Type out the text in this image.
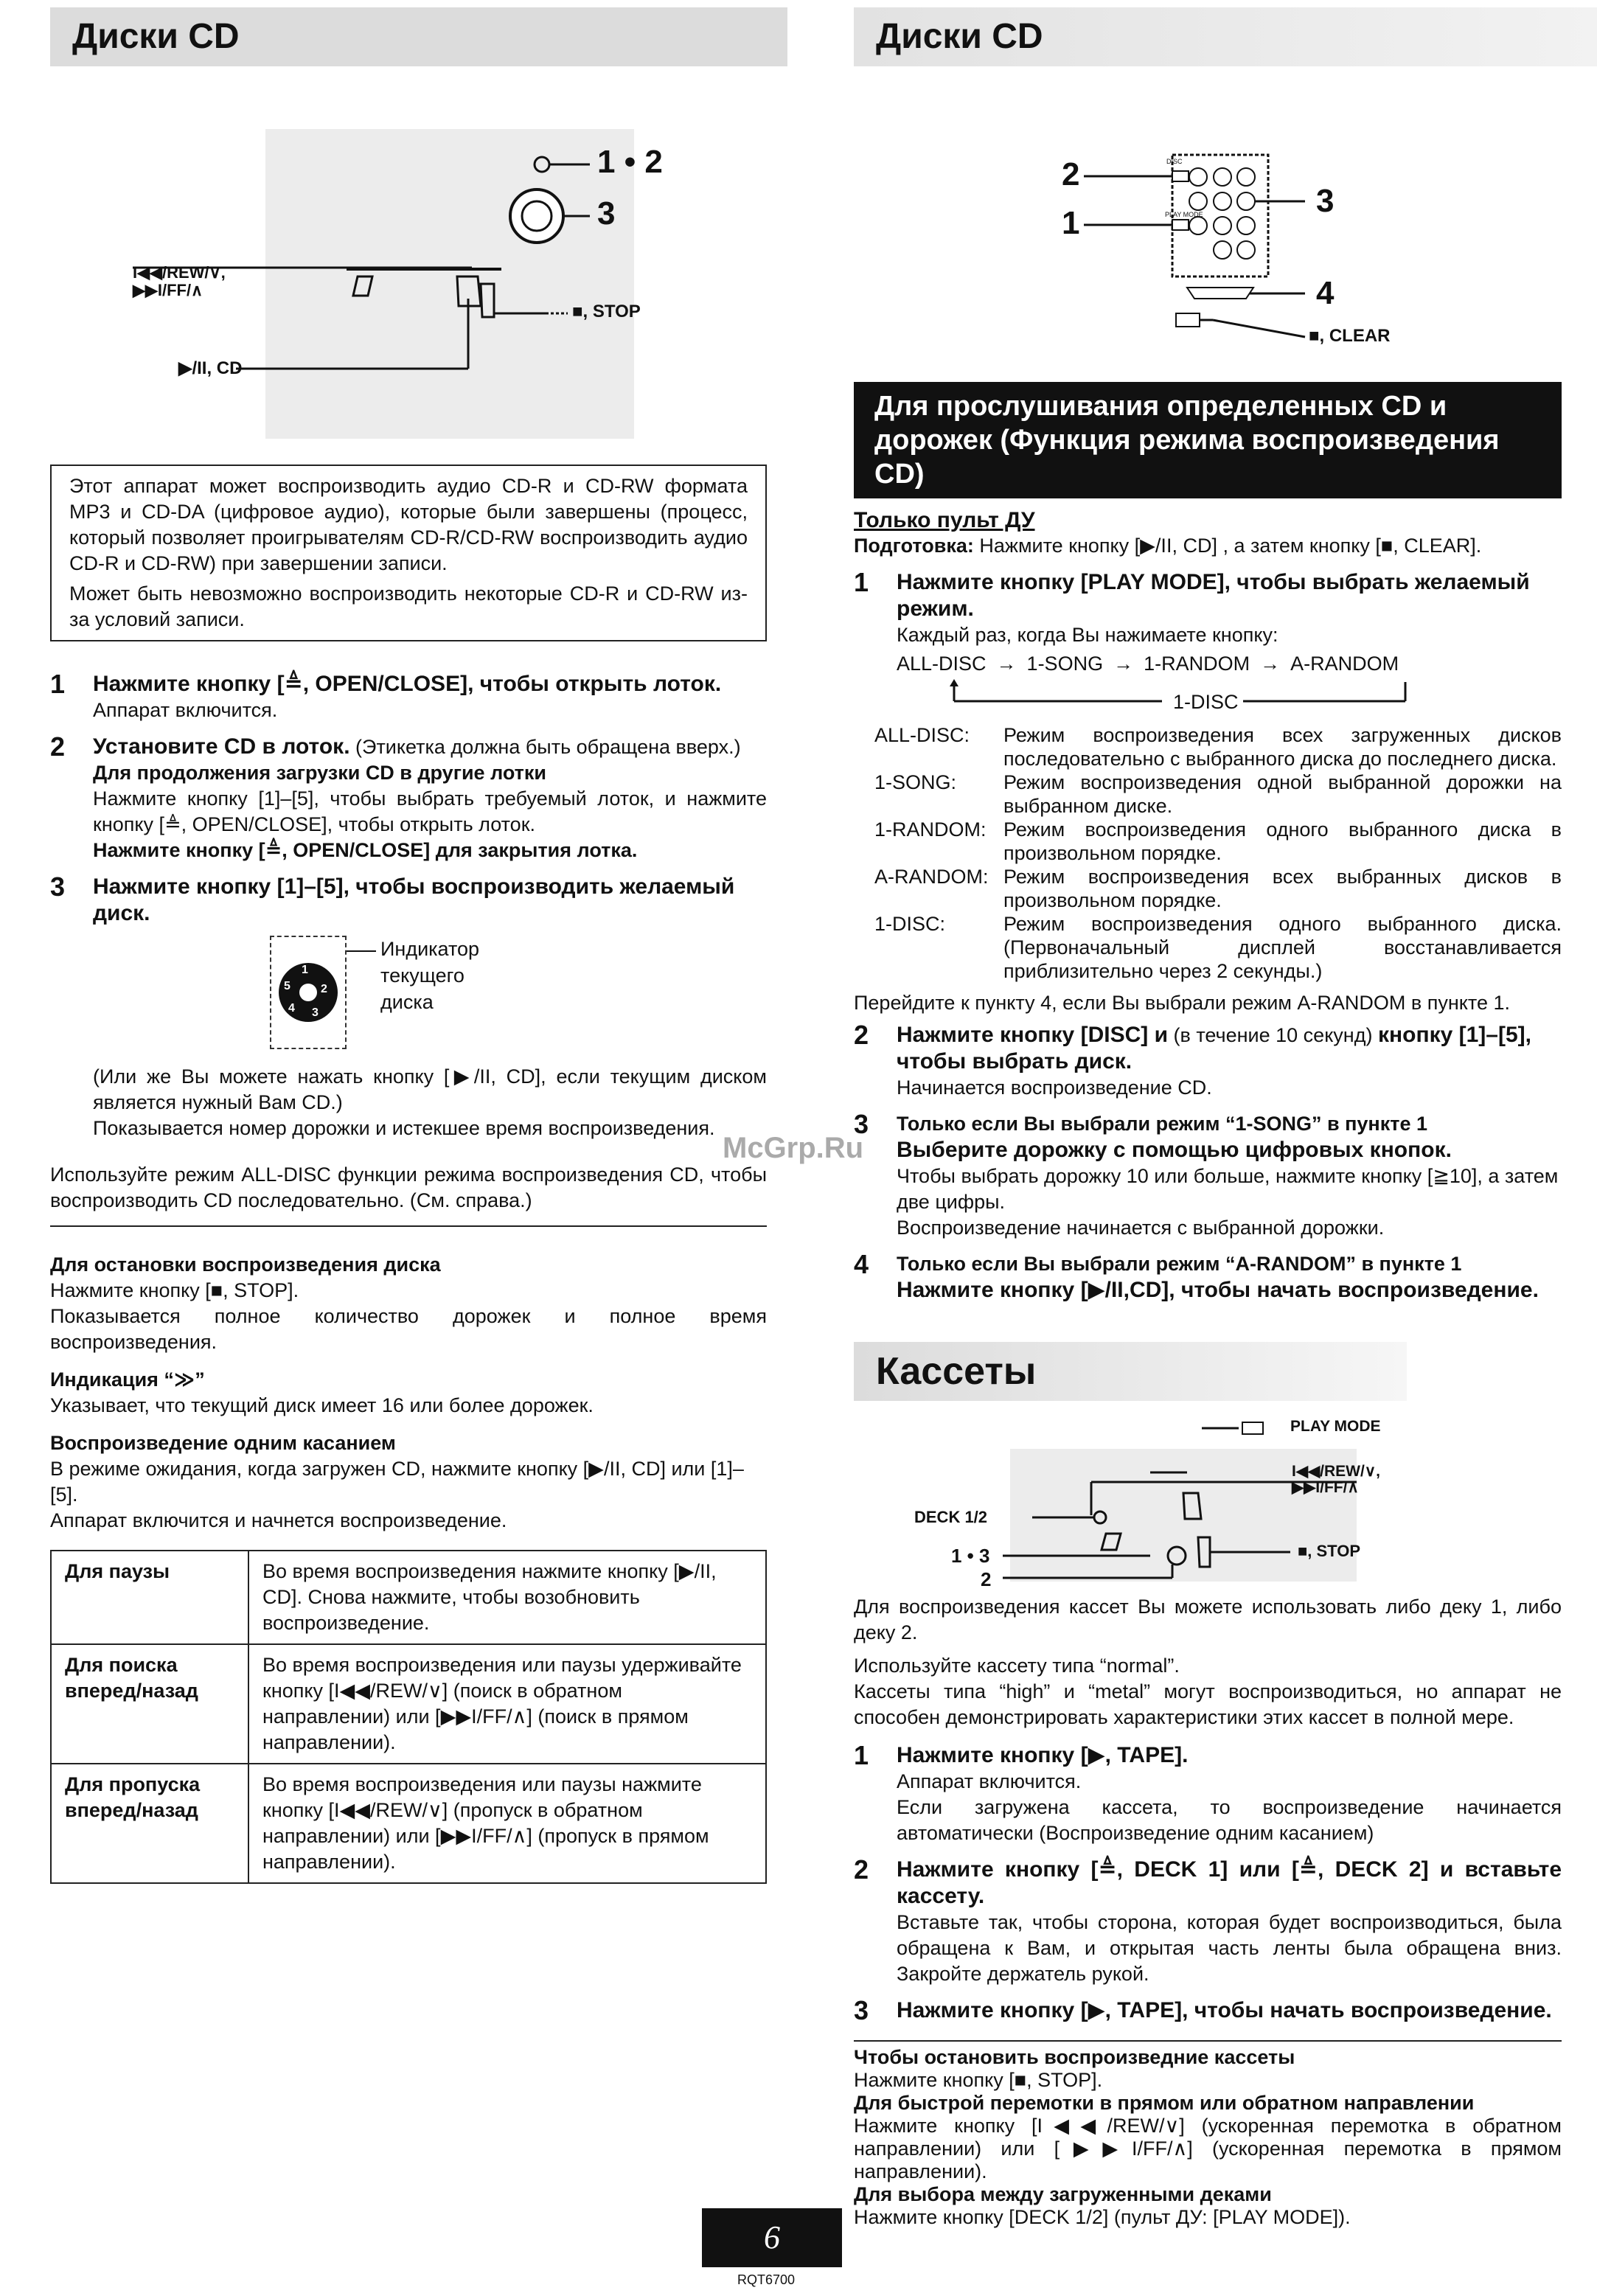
Диски CD	Диски CD
1 • 2
3
I◀◀/REW/∨,
▶▶I/FF/∧
■, STOP
▶/II, CD

Этот аппарат может воспроизводить аудио CD-R и CD-RW формата MP3 и CD-DA (цифровое аудио), которые были завершены (процесс, который позволяет проигрывателям CD-R/CD-RW воспроизводить аудио CD-R и CD-RW) при завершении записи.

Может быть невозможно воспроизводить некоторые CD-R и CD-RW из-за условий записи.

1 Нажмите кнопку [≜, OPEN/CLOSE], чтобы открыть лоток.
Аппарат включится.
2 Установите CD в лоток. (Этикетка должна быть обращена вверх.)
Для продолжения загрузки CD в другие лотки
Нажмите кнопку [1]–[5], чтобы выбрать требуемый лоток, и нажмите кнопку [≜, OPEN/CLOSE], чтобы открыть лоток.
Нажмите кнопку [≜, OPEN/CLOSE] для закрытия лотка.
3 Нажмите кнопку [1]–[5], чтобы воспроизводить желаемый диск.
1
2
3
4
5
Индикатор текущего диска
(Или же Вы можете нажать кнопку [▶/II, CD], если текущим диском является нужный Вам CD.)
Показывается номер дорожки и истекшее время воспроизведения.
Используйте режим ALL-DISC функции режима воспроизведения CD, чтобы воспроизводить CD последовательно. (См. справа.)
Для остановки воспроизведения диска
Нажмите кнопку [■, STOP].
Показывается полное количество дорожек и полное время воспроизведения.
Индикация “≫”
Указывает, что текущий диск имеет 16 или более дорожек.
Воспроизведение одним касанием
В режиме ожидания, когда загружен CD, нажмите кнопку [▶/II, CD] или [1]–[5].
Аппарат включится и начнется воспроизведение.
Для паузы	Во время воспроизведения нажмите кнопку [▶/II, CD]. Снова нажмите, чтобы возобновить воспроизведение.
Для поиска вперед/назад	Во время воспроизведения или паузы удерживайте кнопку [I◀◀/REW/∨] (поиск в обратном направлении) или [▶▶I/FF/∧] (поиск в прямом направлении).
Для пропуска вперед/назад	Во время воспроизведения или паузы нажмите кнопку [I◀◀/REW/∨] (пропуск в обратном направлении) или [▶▶I/FF/∧] (пропуск в прямом направлении).
DISC
PLAY MODE
2
1
3
4
■, CLEAR
Для прослушивания определенных CD и дорожек (Функция режима воспроизведения CD)
Только пульт ДУ
Подготовка: Нажмите кнопку [▶/II, CD] , а затем кнопку [■, CLEAR].
1 Нажмите кнопку [PLAY MODE], чтобы выбрать желаемый режим.
Каждый раз, когда Вы нажимаете кнопку:
ALL-DISC → 1-SONG → 1-RANDOM → A-RANDOM
1-DISC
ALL-DISC:	Режим воспроизведения всех загруженных дисков последовательно с выбранного диска до последнего диска.
1-SONG:	Режим воспроизведения одной выбранной дорожки на выбранном диске.
1-RANDOM: Режим воспроизведения одного выбранного диска в произвольном порядке.
A-RANDOM: Режим воспроизведения всех выбранных дисков в произвольном порядке.
1-DISC:	Режим воспроизведения одного выбранного диска. (Первоначальный дисплей восстанавливается приблизительно через 2 секунды.)
Перейдите к пункту 4, если Вы выбрали режим A-RANDOM в пункте 1.
2 Нажмите кнопку [DISC] и (в течение 10 секунд) кнопку [1]–[5], чтобы выбрать диск.
Начинается воспроизведение CD.
3 Только если Вы выбрали режим “1-SONG” в пункте 1
Выберите дорожку с помощью цифровых кнопок.
Чтобы выбрать дорожку 10 или больше, нажмите кнопку [≧10], а затем две цифры.
Воспроизведение начинается с выбранной дорожки.
4 Только если Вы выбрали режим “A-RANDOM” в пункте 1
Нажмите кнопку [▶/II,CD], чтобы начать воспроизведение.
McGrp.Ru
Кассеты
PLAY MODE
I◀◀/REW/∨,
▶▶I/FF/∧
DECK 1/2
1 • 3
2
■, STOP
Для воспроизведения кассет Вы можете использовать либо деку 1, либо деку 2.
Используйте кассету типа “normal”.
Кассеты типа “high” и “metal” могут воспроизводиться, но аппарат не способен демонстрировать характеристики этих кассет в полной мере.
1 Нажмите кнопку [▶, TAPE].
Аппарат включится.
Если загружена кассета, то воспроизведение начинается автоматически (Воспроизведение одним касанием)
2 Нажмите кнопку [≜, DECK 1] или [≜, DECK 2] и вставьте кассету.
Вставьте так, чтобы сторона, которая будет воспроизводиться, была обращена к Вам, и открытая часть ленты была обращена вниз. Закройте держатель рукой.
3 Нажмите кнопку [▶, TAPE], чтобы начать воспроизведение.
Чтобы остановить воспроизведние кассеты
Нажмите кнопку [■, STOP].
Для быстрой перемотки в прямом или обратном направлении
Нажмите кнопку [I◀◀/REW/∨] (ускоренная перемотка в обратном направлении) или [▶▶I/FF/∧] (ускоренная перемотка в прямом направлении).
Для выбора между загруженными деками
Нажмите кнопку [DECK 1/2] (пульт ДУ: [PLAY MODE]).
6
RQT6700
